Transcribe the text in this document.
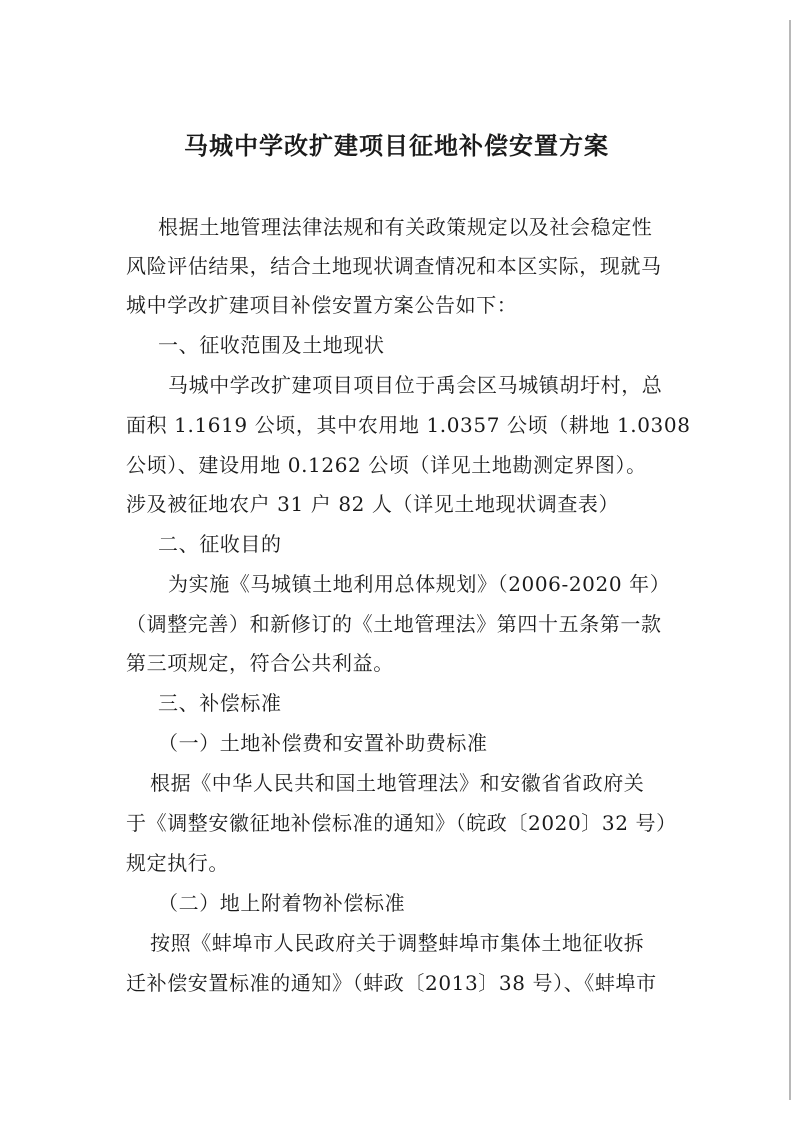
马城中学改扩建项目征地补偿安置方案
根据土地管理法律法规和有关政策规定以及社会稳定性
风险评估结果，结合土地现状调查情况和本区实际，现就马
城中学改扩建项目补偿安置方案公告如下：
一、征收范围及土地现状
马城中学改扩建项目项目位于禹会区马城镇胡圩村，总
面积 1.1619 公顷，其中农用地 1.0357 公顷（耕地 1.0308
公顷）、建设用地 0.1262 公顷（详见土地勘测定界图）。
涉及被征地农户 31 户 82 人（详见土地现状调查表）
二、征收目的
为实施《马城镇土地利用总体规划》（2006-2020 年）
（调整完善）和新修订的《土地管理法》第四十五条第一款
第三项规定，符合公共利益。
三、补偿标准
（一）土地补偿费和安置补助费标准
根据《中华人民共和国土地管理法》和安徽省省政府关
于《调整安徽征地补偿标准的通知》（皖政〔2020〕32 号）
规定执行。
（二）地上附着物补偿标准
按照《蚌埠市人民政府关于调整蚌埠市集体土地征收拆
迁补偿安置标准的通知》（蚌政〔2013〕38 号）、《蚌埠市
